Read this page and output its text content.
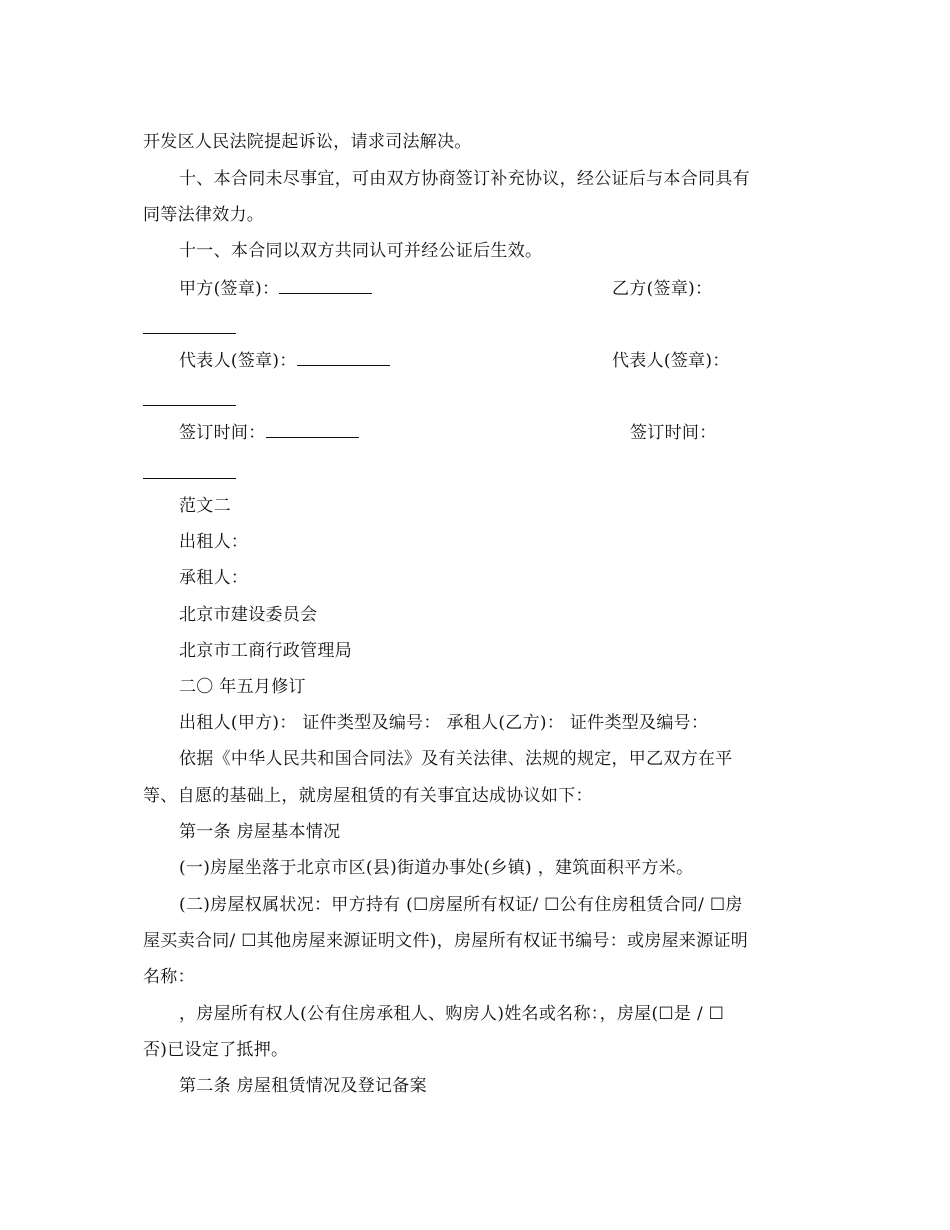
开发区人民法院提起诉讼，请求司法解决。
十、本合同未尽事宜，可由双方协商签订补充协议，经公证后与本合同具有
同等法律效力。
十一、本合同以双方共同认可并经公证后生效。
甲方(签章)：	乙方(签章)：
代表人(签章)：	代表人(签章)：
签订时间：	签订时间：
范文二
出租人：
承租人：
北京市建设委员会
北京市工商行政管理局
二〇 年五月修订
出租人(甲方)： 证件类型及编号： 承租人(乙方)： 证件类型及编号：
依据《中华人民共和国合同法》及有关法律、法规的规定，甲乙双方在平
等、自愿的基础上，就房屋租赁的有关事宜达成协议如下：
第一条 房屋基本情况
(一)房屋坐落于北京市区(县)街道办事处(乡镇) ，建筑面积平方米。
(二)房屋权属状况：甲方持有 (☐房屋所有权证/ ☐公有住房租赁合同/ ☐房
屋买卖合同/ ☐其他房屋来源证明文件)，房屋所有权证书编号：或房屋来源证明
名称：
，房屋所有权人(公有住房承租人、购房人)姓名或名称：，房屋(☐是 / ☐
否)已设定了抵押。
第二条 房屋租赁情况及登记备案
